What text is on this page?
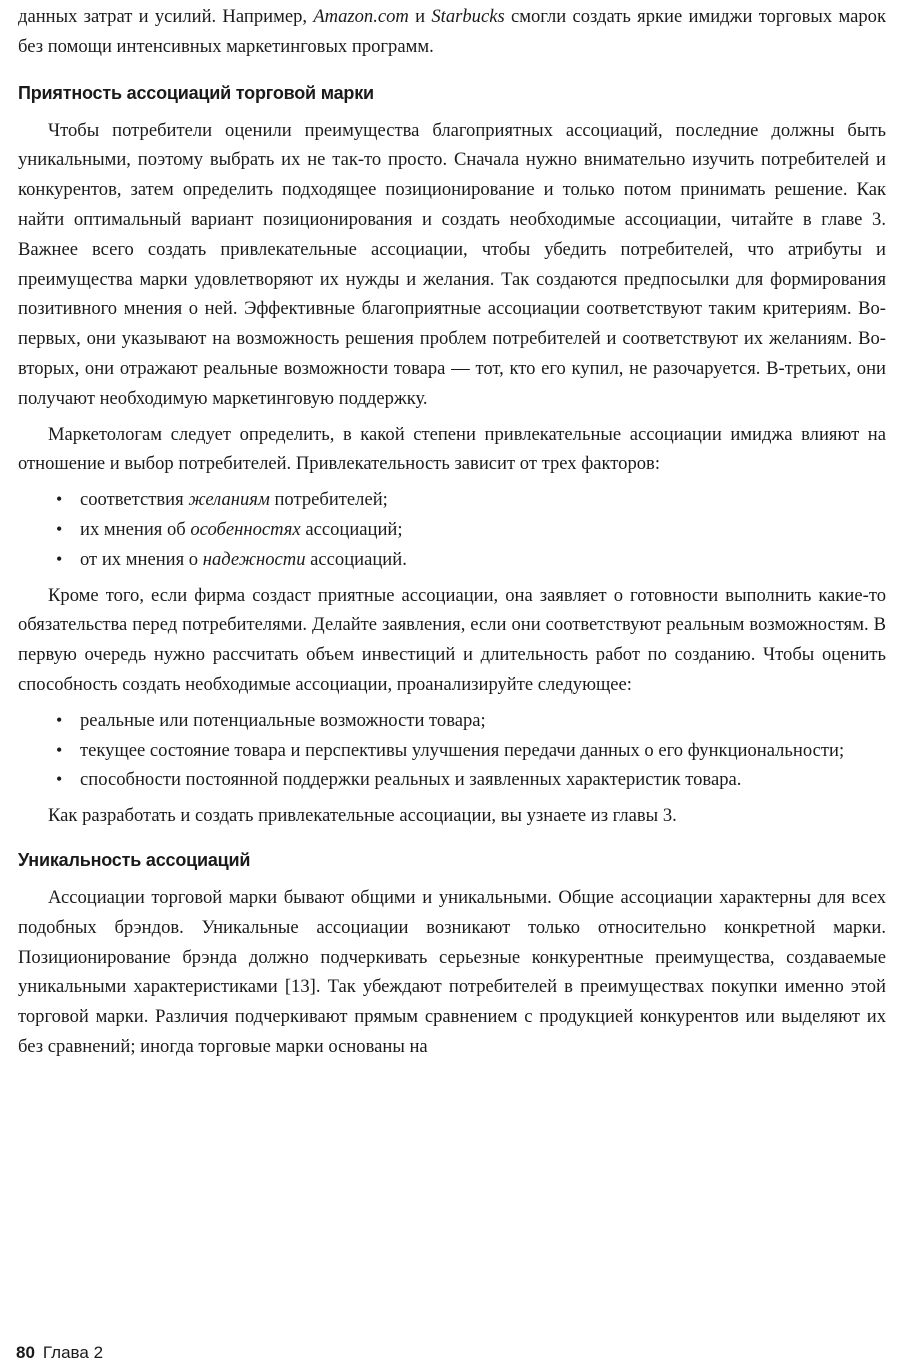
данных затрат и усилий. Например, Amazon.com и Starbucks смогли создать яркие имиджи торговых марок без помощи интенсивных маркетинговых программ.

Приятность ассоциаций торговой марки

Чтобы потребители оценили преимущества благоприятных ассоциаций, последние должны быть уникальными, поэтому выбрать их не так-то просто. Сначала нужно внимательно изучить потребителей и конкурентов, затем определить подходящее позиционирование и только потом принимать решение. Как найти оптимальный вариант позиционирования и создать необходимые ассоциации, читайте в главе 3. Важнее всего создать привлекательные ассоциации, чтобы убедить потребителей, что атрибуты и преимущества марки удовлетворяют их нужды и желания. Так создаются предпосылки для формирования позитивного мнения о ней. Эффективные благоприятные ассоциации соответствуют таким критериям. Во-первых, они указывают на возможность решения проблем потребителей и соответствуют их желаниям. Во-вторых, они отражают реальные возможности товара — тот, кто его купил, не разочаруется. В-третьих, они получают необходимую маркетинговую поддержку.

Маркетологам следует определить, в какой степени привлекательные ассоциации имиджа влияют на отношение и выбор потребителей. Привлекательность зависит от трех факторов:

• соответствия желаниям потребителей;
• их мнения об особенностях ассоциаций;
• от их мнения о надежности ассоциаций.

Кроме того, если фирма создаст приятные ассоциации, она заявляет о готовности выполнить какие-то обязательства перед потребителями. Делайте заявления, если они соответствуют реальным возможностям. В первую очередь нужно рассчитать объем инвестиций и длительность работ по созданию. Чтобы оценить способность создать необходимые ассоциации, проанализируйте следующее:

• реальные или потенциальные возможности товара;
• текущее состояние товара и перспективы улучшения передачи данных о его функциональности;
• способности постоянной поддержки реальных и заявленных характеристик товара.

Как разработать и создать привлекательные ассоциации, вы узнаете из главы 3.

Уникальность ассоциаций

Ассоциации торговой марки бывают общими и уникальными. Общие ассоциации характерны для всех подобных брэндов. Уникальные ассоциации возникают только относительно конкретной марки. Позиционирование брэнда должно подчеркивать серьезные конкурентные преимущества, создаваемые уникальными характеристиками [13]. Так убеждают потребителей в преимуществах покупки именно этой торговой марки. Различия подчеркивают прямым сравнением с продукцией конкурентов или выделяют их без сравнений; иногда торговые марки основаны на

80 Глава 2
